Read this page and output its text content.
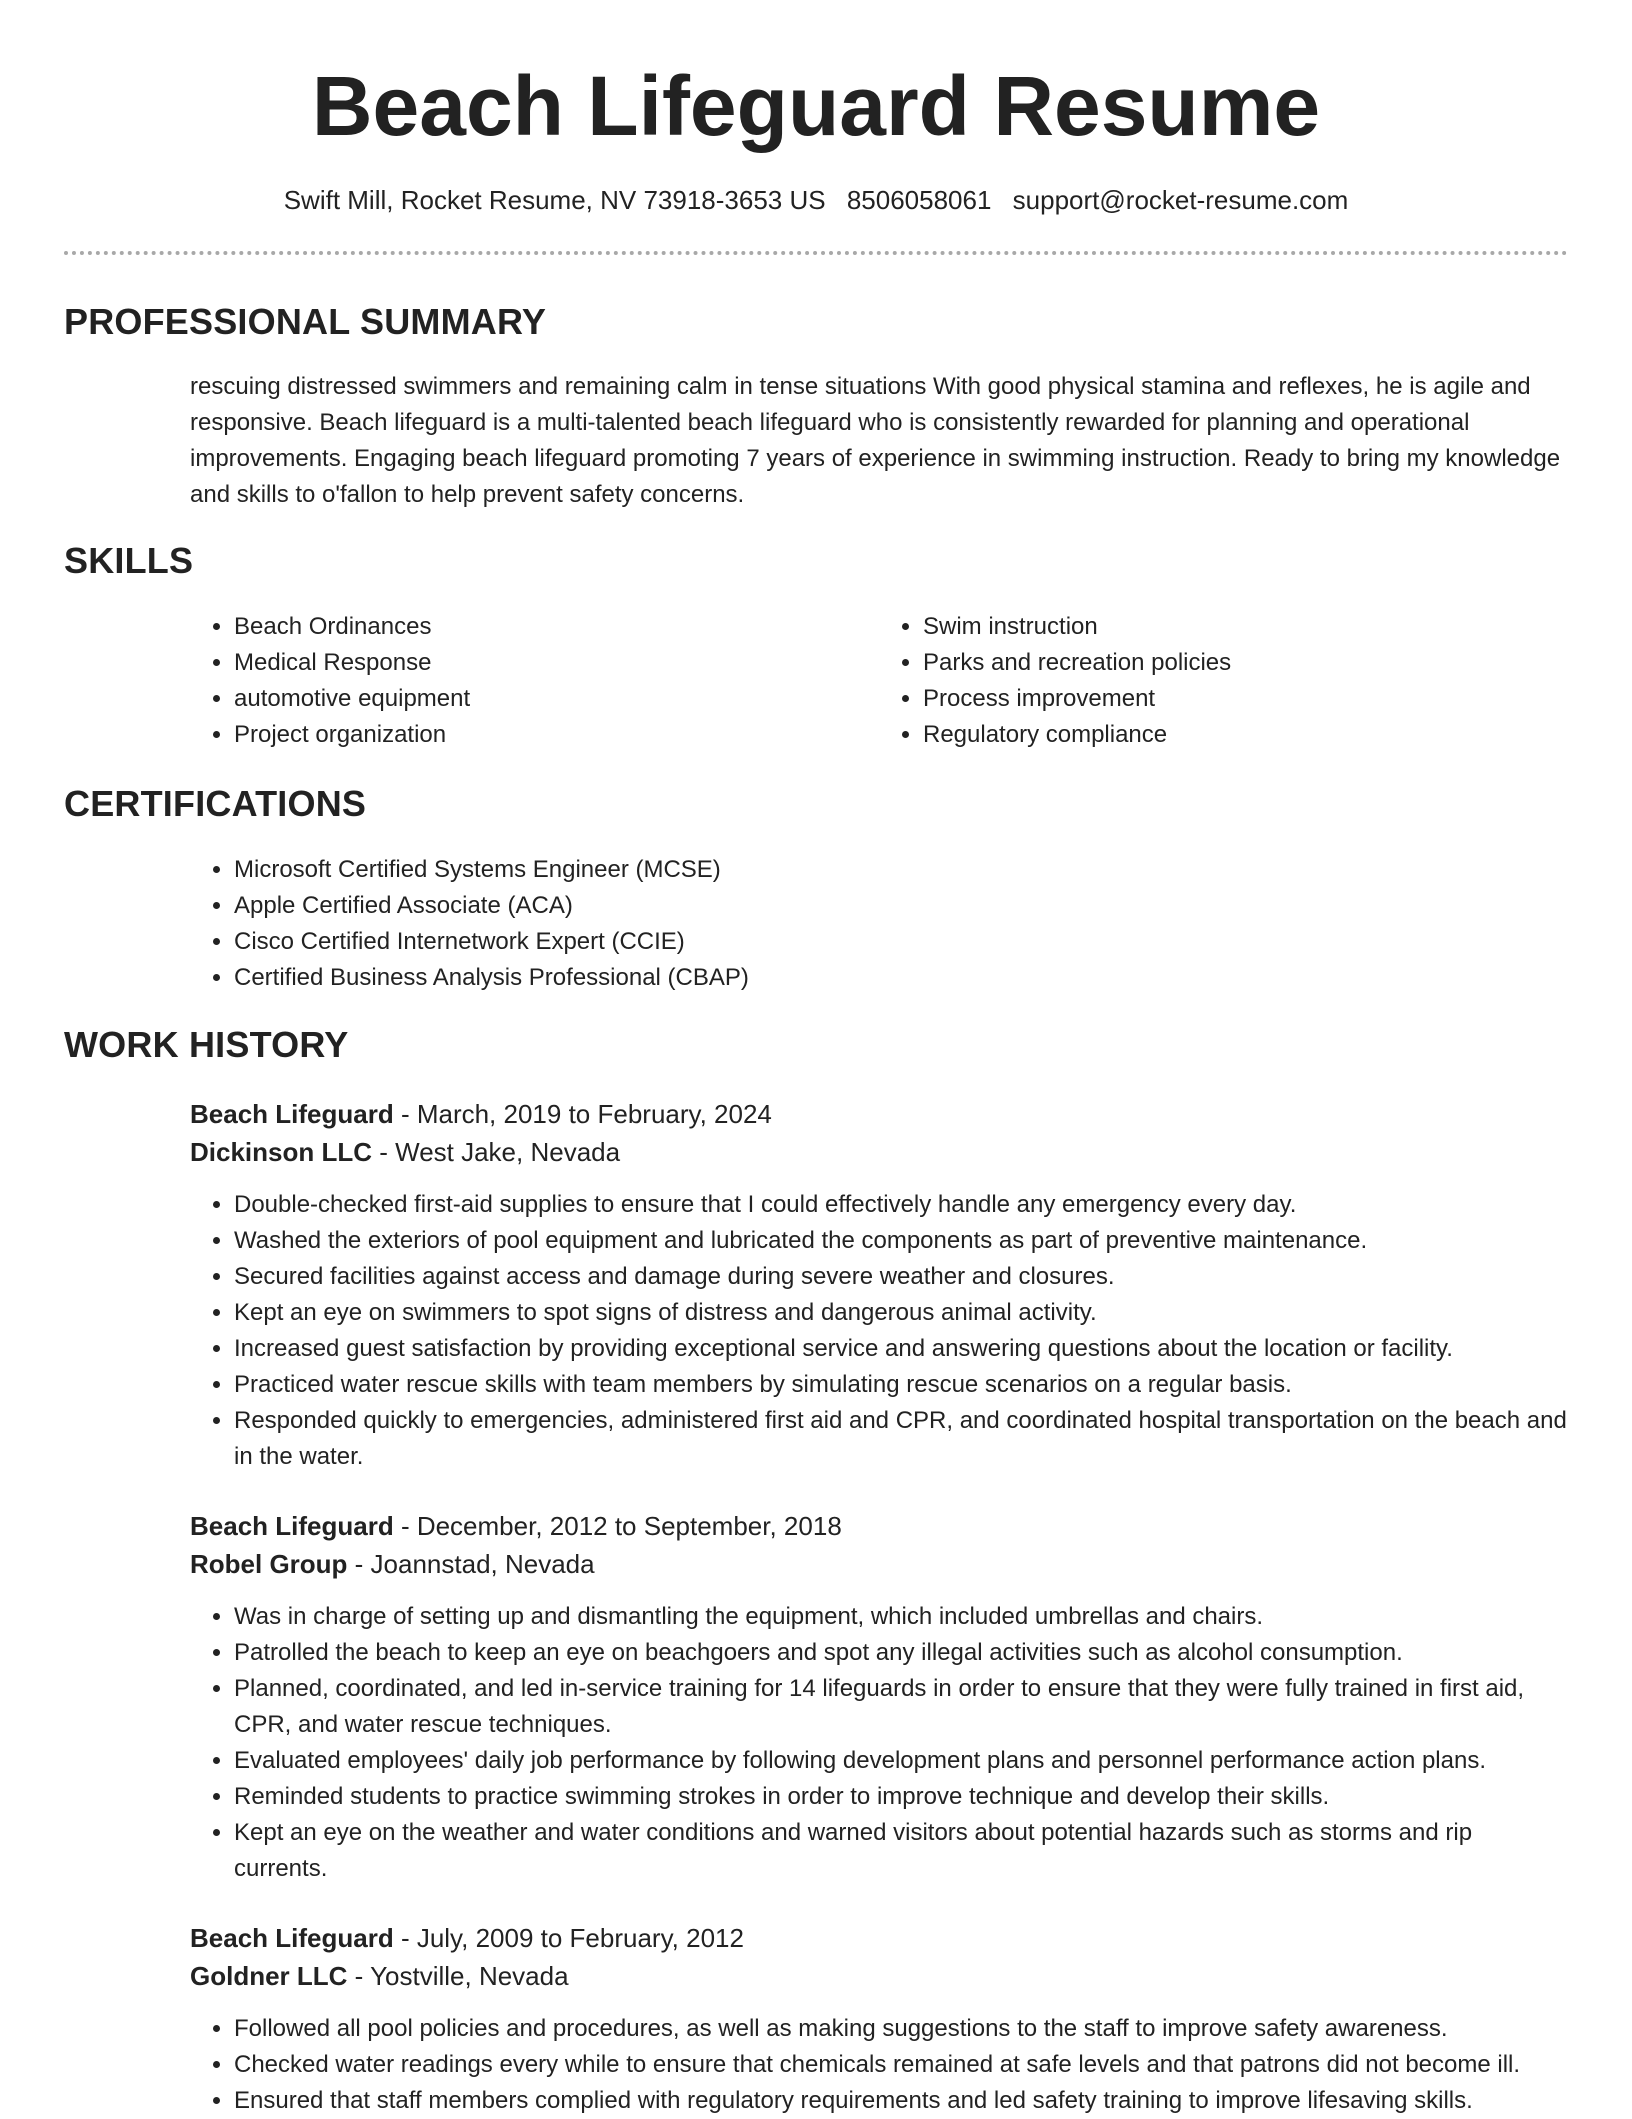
Beach Lifeguard Resume
Swift Mill, Rocket Resume, NV 73918-3653 US 8506058061 support@rocket-resume.com
PROFESSIONAL SUMMARY

rescuing distressed swimmers and remaining calm in tense situations With good physical stamina and reflexes, he is agile and responsive. Beach lifeguard is a multi-talented beach lifeguard who is consistently rewarded for planning and operational improvements. Engaging beach lifeguard promoting 7 years of experience in swimming instruction. Ready to bring my knowledge and skills to o'fallon to help prevent safety concerns.

SKILLS
• Beach Ordinances
• Medical Response
• automotive equipment
• Project organization
• Swim instruction
• Parks and recreation policies
• Process improvement
• Regulatory compliance
CERTIFICATIONS
• Microsoft Certified Systems Engineer (MCSE)
• Apple Certified Associate (ACA)
• Cisco Certified Internetwork Expert (CCIE)
• Certified Business Analysis Professional (CBAP)
WORK HISTORY
Beach Lifeguard - March, 2019 to February, 2024
Dickinson LLC - West Jake, Nevada
• Double-checked first-aid supplies to ensure that I could effectively handle any emergency every day.
• Washed the exteriors of pool equipment and lubricated the components as part of preventive maintenance.
• Secured facilities against access and damage during severe weather and closures.
• Kept an eye on swimmers to spot signs of distress and dangerous animal activity.
• Increased guest satisfaction by providing exceptional service and answering questions about the location or facility.
• Practiced water rescue skills with team members by simulating rescue scenarios on a regular basis.
• Responded quickly to emergencies, administered first aid and CPR, and coordinated hospital transportation on the beach and in the water.
Beach Lifeguard - December, 2012 to September, 2018
Robel Group - Joannstad, Nevada
• Was in charge of setting up and dismantling the equipment, which included umbrellas and chairs.
• Patrolled the beach to keep an eye on beachgoers and spot any illegal activities such as alcohol consumption.
• Planned, coordinated, and led in-service training for 14 lifeguards in order to ensure that they were fully trained in first aid, CPR, and water rescue techniques.
• Evaluated employees' daily job performance by following development plans and personnel performance action plans.
• Reminded students to practice swimming strokes in order to improve technique and develop their skills.
• Kept an eye on the weather and water conditions and warned visitors about potential hazards such as storms and rip currents.
Beach Lifeguard - July, 2009 to February, 2012
Goldner LLC - Yostville, Nevada
• Followed all pool policies and procedures, as well as making suggestions to the staff to improve safety awareness.
• Checked water readings every while to ensure that chemicals remained at safe levels and that patrons did not become ill.
• Ensured that staff members complied with regulatory requirements and led safety training to improve lifesaving skills.
